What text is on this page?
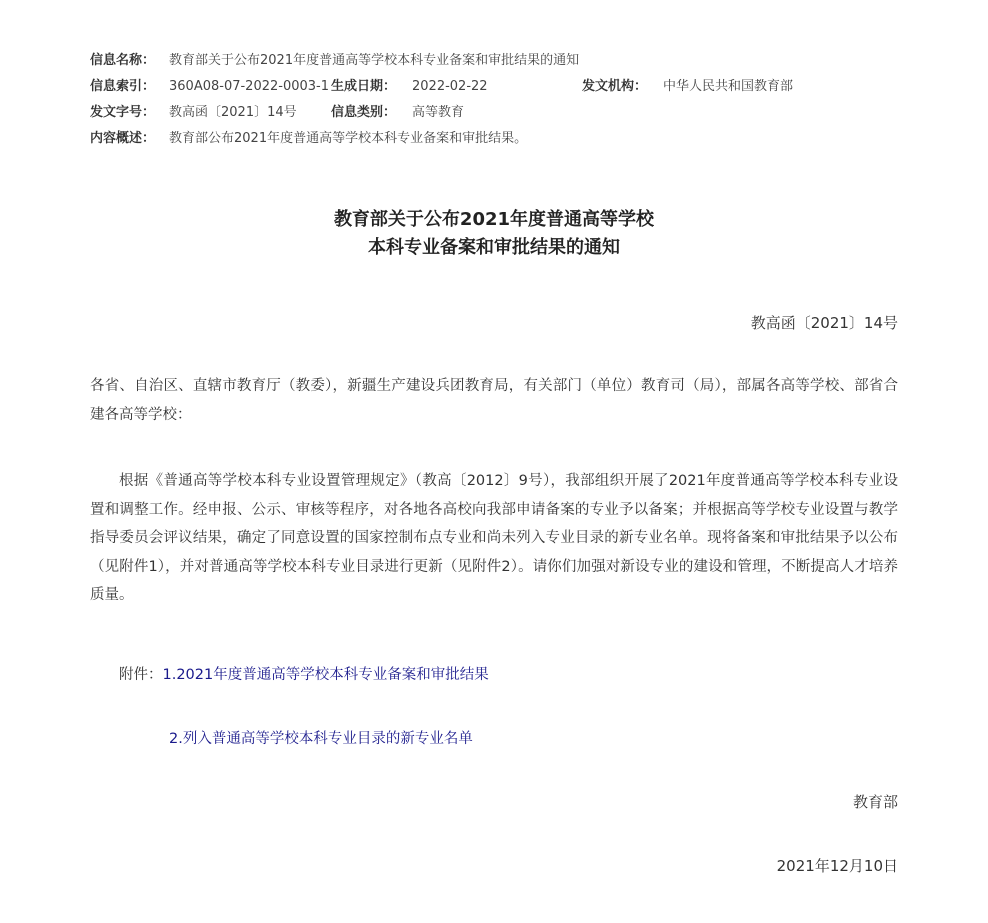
信息名称： 教育部关于公布2021年度普通高等学校本科专业备案和审批结果的通知
信息索引： 360A08-07-2022-0003-1 生成日期： 2022-02-22	发文机构： 中华人民共和国教育部
发文字号： 教高函〔2021〕14号	信息类别： 高等教育
内容概述： 教育部公布2021年度普通高等学校本科专业备案和审批结果。
教育部关于公布2021年度普通高等学校
本科专业备案和审批结果的通知
教高函〔2021〕14号
各省、自治区、直辖市教育厅（教委），新疆生产建设兵团教育局，有关部门（单位）教育司（局），部属各高等学校、部省合建各高等学校：
根据《普通高等学校本科专业设置管理规定》（教高〔2012〕9号），我部组织开展了2021年度普通高等学校本科专业设置和调整工作。经申报、公示、审核等程序，对各地各高校向我部申请备案的专业予以备案；并根据高等学校专业设置与教学指导委员会评议结果，确定了同意设置的国家控制布点专业和尚未列入专业目录的新专业名单。现将备案和审批结果予以公布（见附件1），并对普通高等学校本科专业目录进行更新（见附件2）。请你们加强对新设专业的建设和管理，不断提高人才培养质量。
附件：1.2021年度普通高等学校本科专业备案和审批结果
2.列入普通高等学校本科专业目录的新专业名单
教育部
2021年12月10日
